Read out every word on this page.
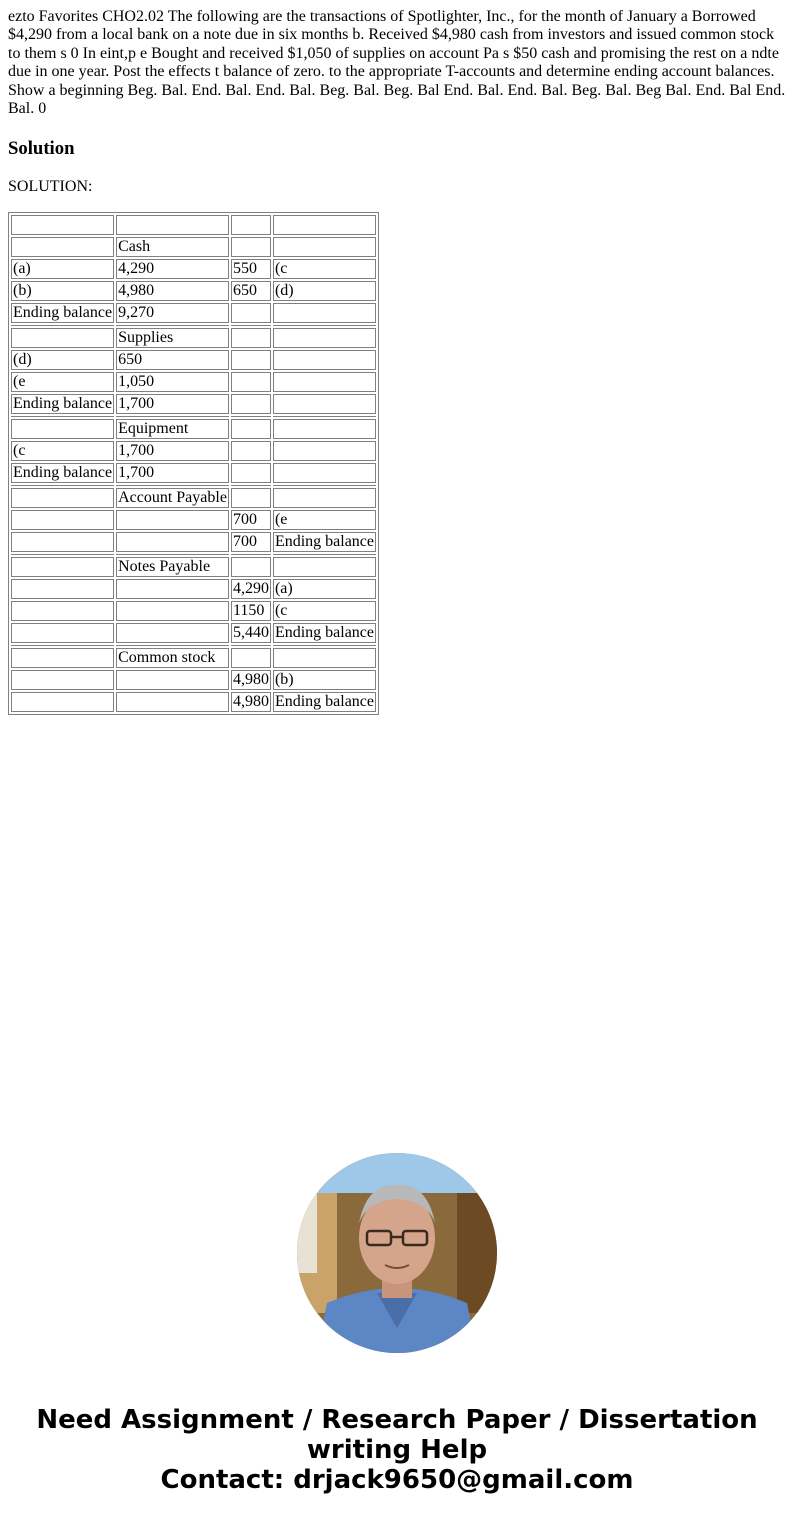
ezto Favorites CHO2.02 The following are the transactions of Spotlighter, Inc., for the month of January a Borrowed $4,290 from a local bank on a note due in six months b. Received $4,980 cash from investors and issued common stock to them s 0 In eint,p e Bought and received $1,050 of supplies on account Pa s $50 cash and promising the rest on a ndte due in one year. Post the effects t balance of zero. to the appropriate T-accounts and determine ending account balances. Show a beginning Beg. Bal. End. Bal. End. Bal. Beg. Bal. Beg. Bal End. Bal. End. Bal. Beg. Bal. Beg Bal. End. Bal End. Bal. 0

Solution

SOLUTION:

	Cash		
(a)	4,290	550	(c
(b)	4,980	650	(d)
Ending balance	9,270		

	Supplies		
(d)	650		
(e	1,050		
Ending balance	1,700		

	Equipment		
(c	1,700		
Ending balance	1,700		

	Account Payable		
		700	(e
		700	Ending balance

	Notes Payable		
		4,290	(a)
		1150	(c
		5,440	Ending balance

	Common stock		
		4,980	(b)
		4,980	Ending balance
Need Assignment / Research Paper / Dissertation
writing Help
Contact: drjack9650@gmail.com
